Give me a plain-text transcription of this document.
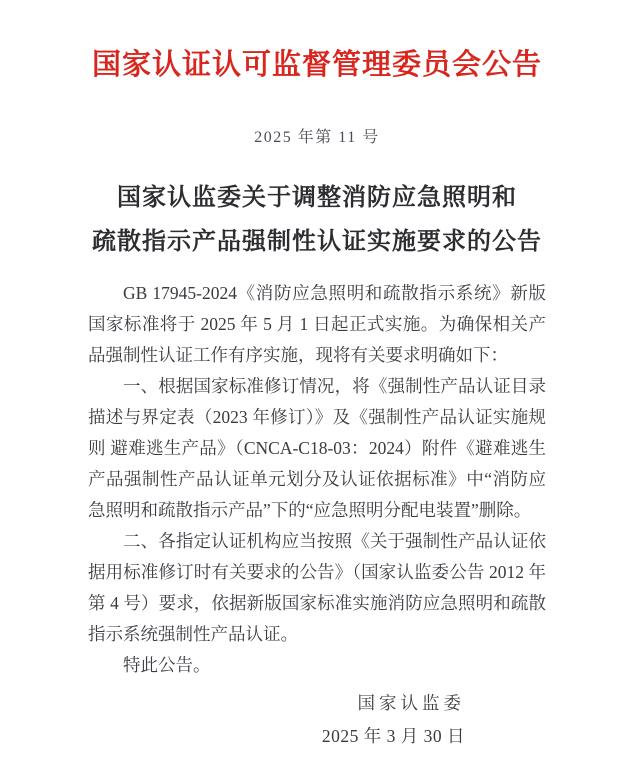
国家认证认可监督管理委员会公告
2025 年第 11 号
国家认监委关于调整消防应急照明和
疏散指示产品强制性认证实施要求的公告

GB 17945-2024《消防应急照明和疏散指示系统》新版国家标准将于 2025 年 5 月 1 日起正式实施。为确保相关产品强制性认证工作有序实施，现将有关要求明确如下：

一、根据国家标准修订情况，将《强制性产品认证目录描述与界定表（2023 年修订）》及《强制性产品认证实施规则 避难逃生产品》（CNCA-C18-03：2024）附件《避难逃生产品强制性产品认证单元划分及认证依据标准》中“消防应急照明和疏散指示产品”下的“应急照明分配电装置”删除。

二、各指定认证机构应当按照《关于强制性产品认证依据用标准修订时有关要求的公告》（国家认监委公告 2012 年第 4 号）要求，依据新版国家标准实施消防应急照明和疏散指示系统强制性产品认证。

特此公告。

国家认监委
2025 年 3 月 30 日
